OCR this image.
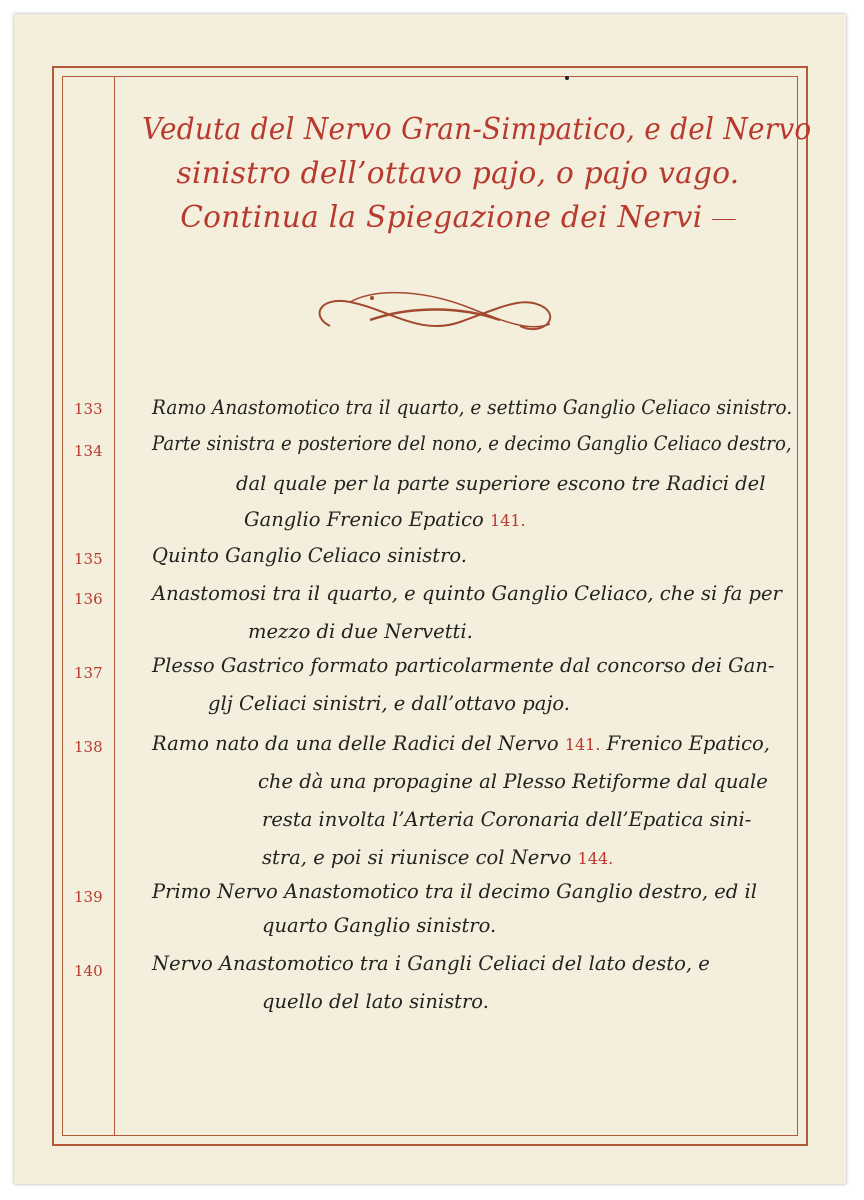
Veduta del Nervo Gran-Simpatico, e del Nervo
sinistro dell’ottavo pajo, o pajo vago.
Continua la Spiegazione dei Nervi
133	Ramo Anastomotico tra il quarto, e settimo Ganglio Celiaco sinistro.
134	Parte sinistra e posteriore del nono, e decimo Ganglio Celiaco destro,
dal quale per la parte superiore escono tre Radici del
Ganglio Frenico Epatico 141.
135	Quinto Ganglio Celiaco sinistro.
136	Anastomosi tra il quarto, e quinto Ganglio Celiaco, che si fa per
mezzo di due Nervetti.
137	Plesso Gastrico formato particolarmente dal concorso dei Gan-
glj Celiaci sinistri, e dall’ottavo pajo.
138	Ramo nato da una delle Radici del Nervo 141. Frenico Epatico,
che dà una propagine al Plesso Retiforme dal quale
resta involta l’Arteria Coronaria dell’Epatica sini-
stra, e poi si riunisce col Nervo 144.
139	Primo Nervo Anastomotico tra il decimo Ganglio destro, ed il
quarto Ganglio sinistro.
140	Nervo Anastomotico tra i Gangli Celiaci del lato desto, e
quello del lato sinistro.
